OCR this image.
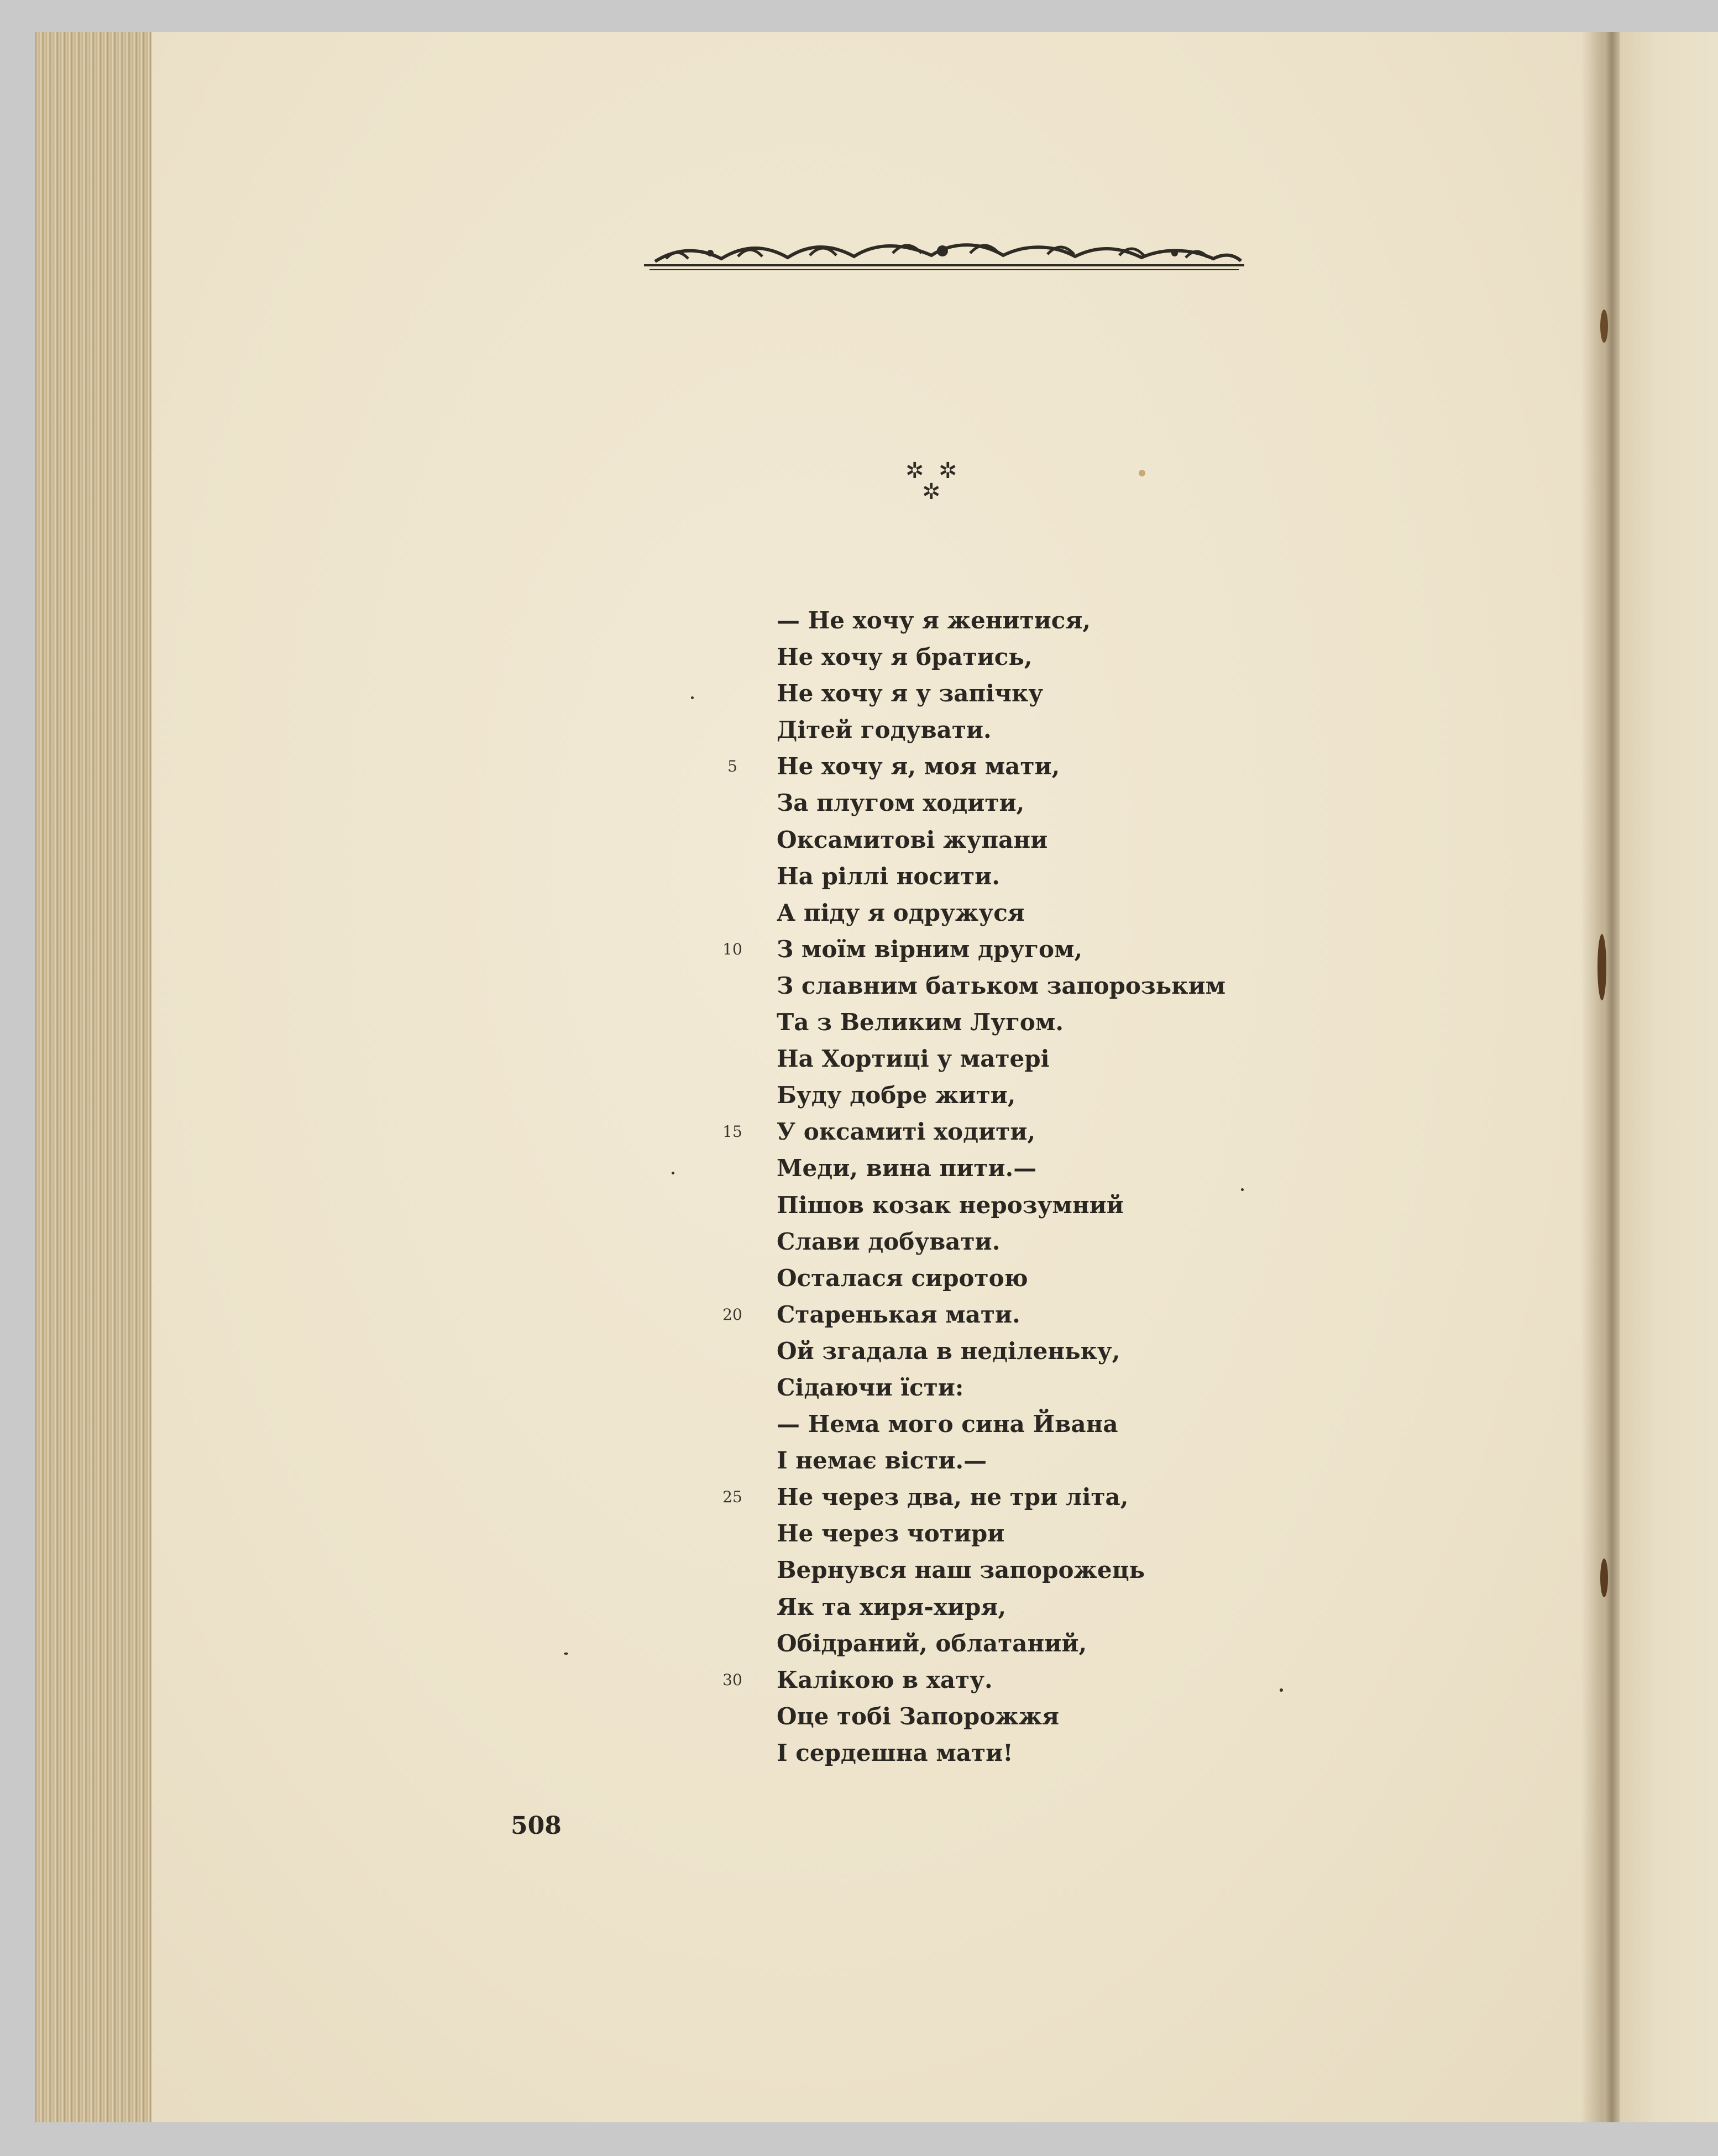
✲ ✲
✲
— Не хочу я женитися,
Не хочу я братись,
Не хочу я у запічку
Дітей годувати.
5	Не хочу я, моя мати,
За плугом ходити,
Оксамитові жупани
На ріллі носити.
А піду я одружуся
10	З моїм вірним другом,
З славним батьком запорозьким
Та з Великим Лугом.
На Хортиці у матері
Буду добре жити,
15	У оксамиті ходити,
Меди, вина пити.—
Пішов козак нерозумний
Слави добувати.
Осталася сиротою
20	Старенькая мати.
Ой згадала в неділеньку,
Сідаючи їсти:
— Нема мого сина Йвана
І немає вісти.—
25	Не через два, не три літа,
Не через чотири
Вернувся наш запорожець
Як та хиря-хиря,
Обідраний, облатаний,
30	Калікою в хату.
Оце тобі Запорожжя
І сердешна мати!
508
